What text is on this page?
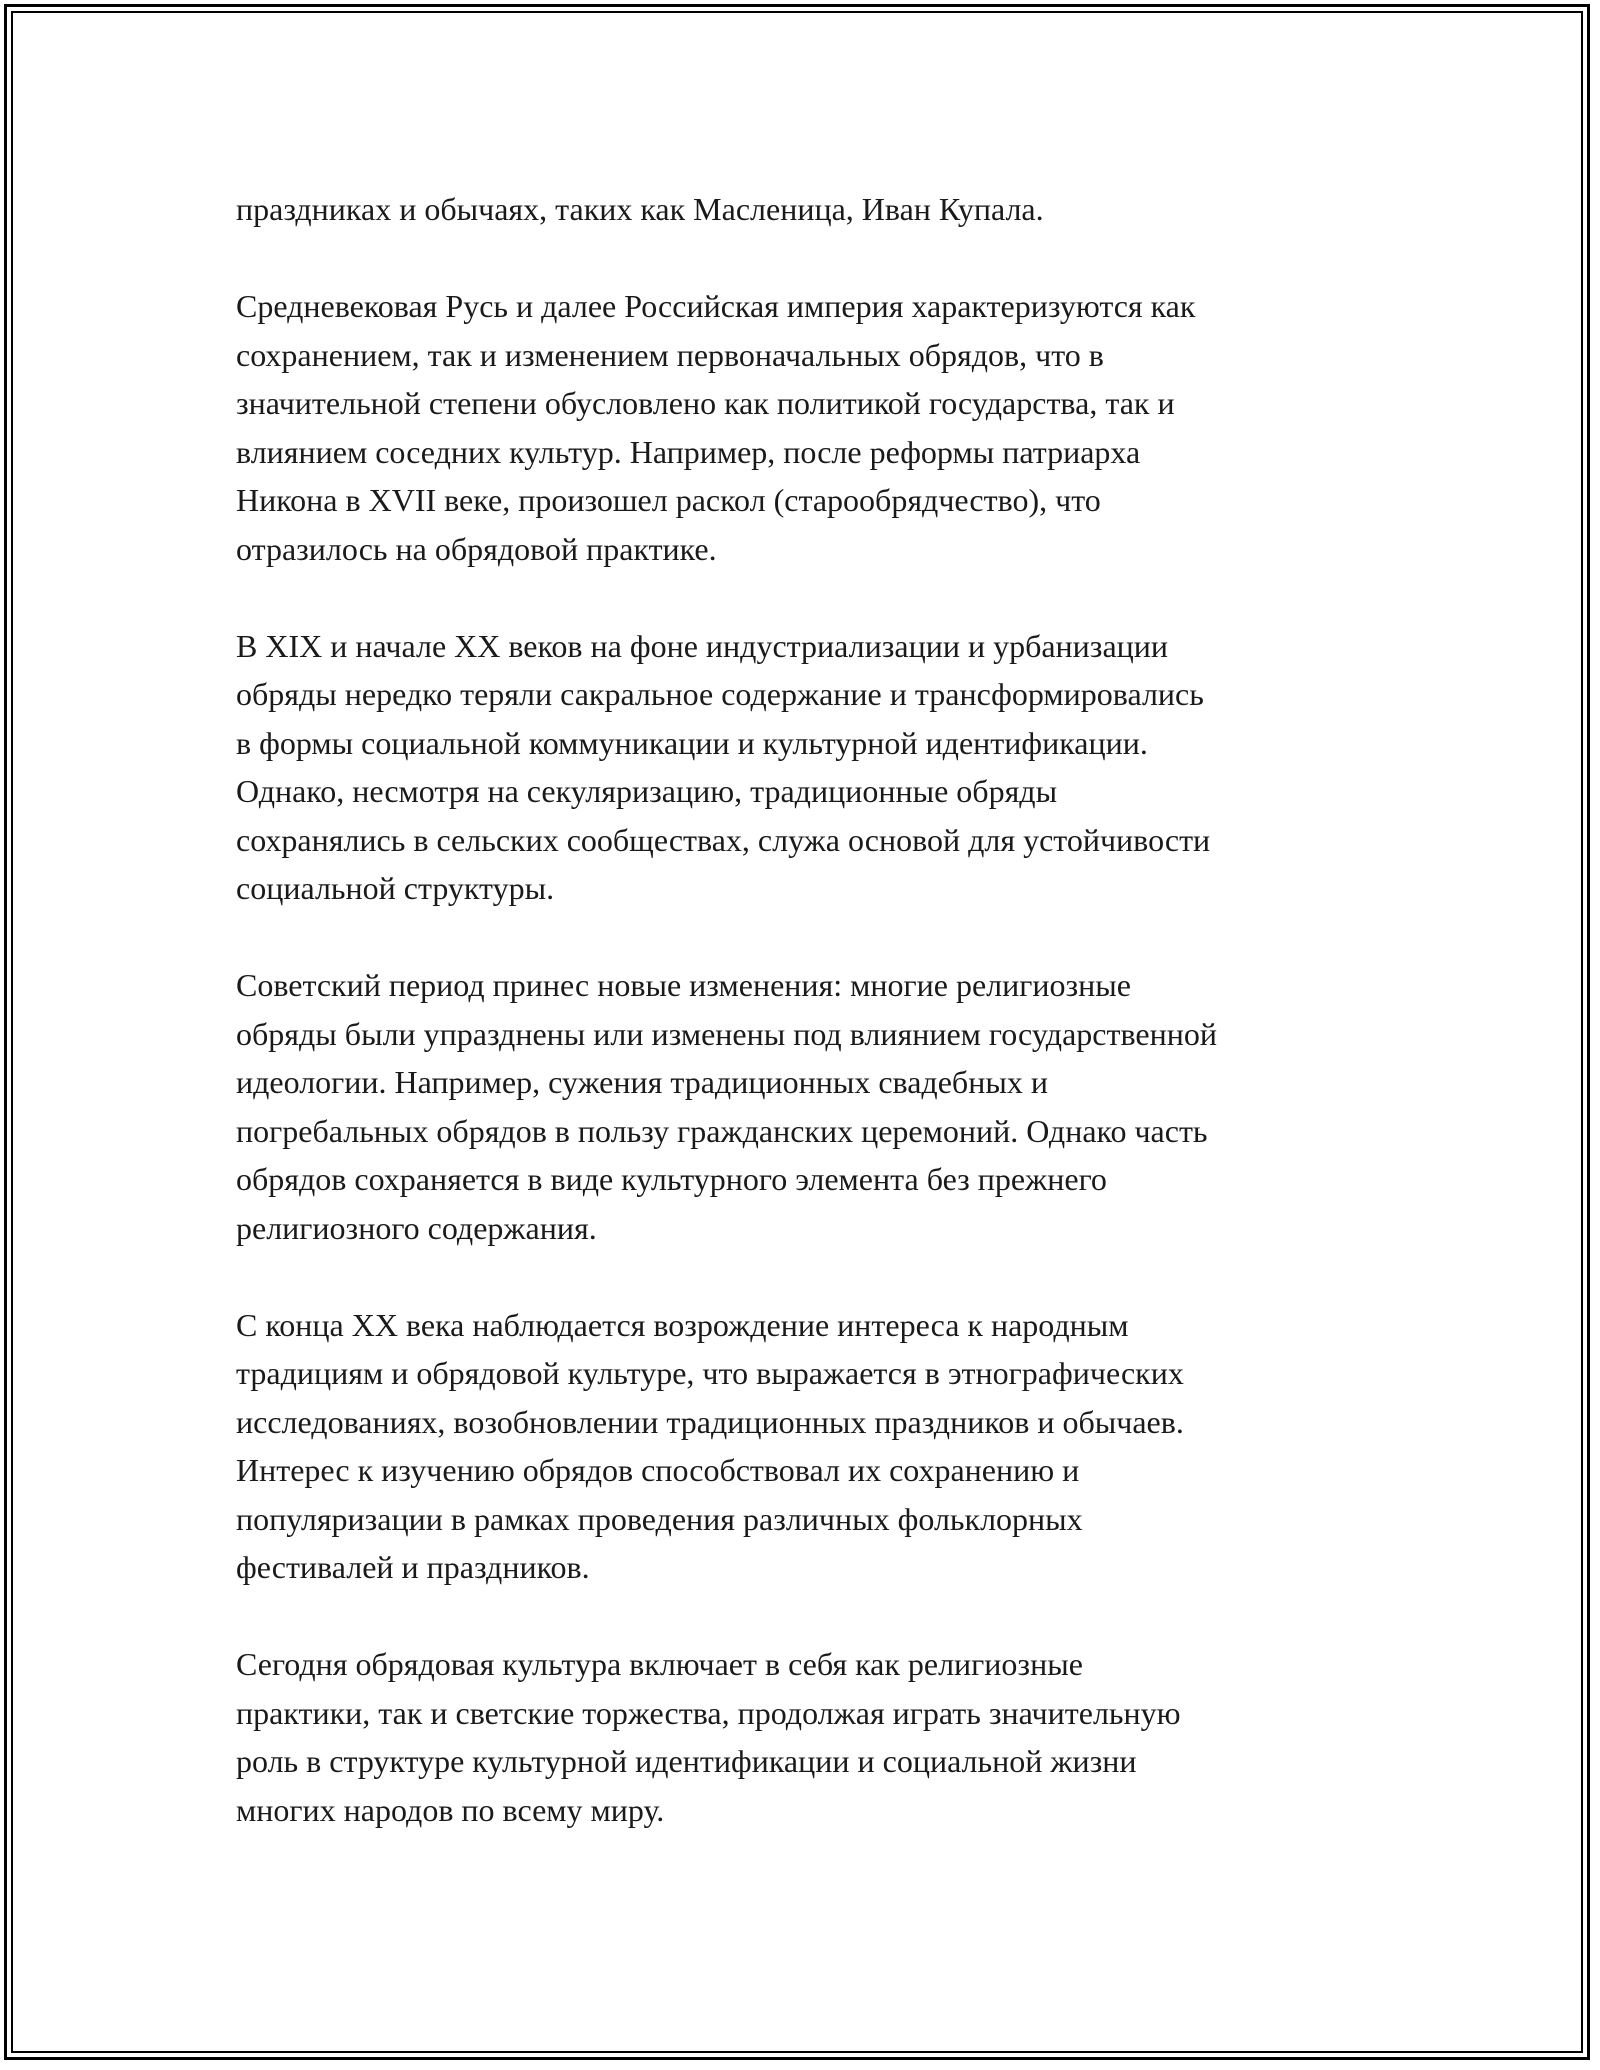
праздниках и обычаях, таких как Масленица, Иван Купала.

Средневековая Русь и далее Российская империя характеризуются как
сохранением, так и изменением первоначальных обрядов, что в
значительной степени обусловлено как политикой государства, так и
влиянием соседних культур. Например, после реформы патриарха
Никона в XVII веке, произошел раскол (старообрядчество), что
отразилось на обрядовой практике.

В XIX и начале XX веков на фоне индустриализации и урбанизации
обряды нередко теряли сакральное содержание и трансформировались
в формы социальной коммуникации и культурной идентификации.
Однако, несмотря на секуляризацию, традиционные обряды
сохранялись в сельских сообществах, служа основой для устойчивости
социальной структуры.

Советский период принес новые изменения: многие религиозные
обряды были упразднены или изменены под влиянием государственной
идеологии. Например, сужения традиционных свадебных и
погребальных обрядов в пользу гражданских церемоний. Однако часть
обрядов сохраняется в виде культурного элемента без прежнего
религиозного содержания.

С конца XX века наблюдается возрождение интереса к народным
традициям и обрядовой культуре, что выражается в этнографических
исследованиях, возобновлении традиционных праздников и обычаев.
Интерес к изучению обрядов способствовал их сохранению и
популяризации в рамках проведения различных фольклорных
фестивалей и праздников.

Сегодня обрядовая культура включает в себя как религиозные
практики, так и светские торжества, продолжая играть значительную
роль в структуре культурной идентификации и социальной жизни
многих народов по всему миру.
